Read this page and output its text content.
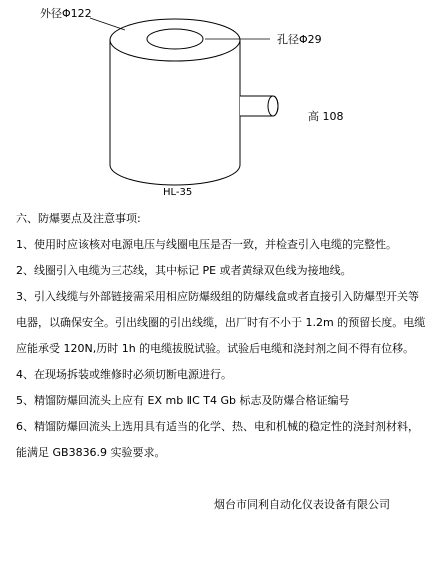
外径Φ122
孔径Φ29
高 108
HL-35

六、防爆要点及注意事项:

1、使用时应该核对电源电压与线圈电压是否一致，并检查引入电缆的完整性。

2、线圈引入电缆为三芯线，其中标记 PE 或者黄绿双色线为接地线。

3、引入线缆与外部链接需采用相应防爆级组的防爆线盒或者直接引入防爆型开关等电器，以确保安全。引出线圈的引出线缆，出厂时有不小于 1.2m 的预留长度。电缆应能承受 120N,历时 1h 的电缆拔脱试验。试验后电缆和浇封剂之间不得有位移。

4、在现场拆装或维修时必须切断电源进行。

5、精馏防爆回流头上应有 EX mb ⅡC T4 Gb 标志及防爆合格证编号

6、精馏防爆回流头上选用具有适当的化学、热、电和机械的稳定性的浇封剂材料，能满足 GB3836.9 实验要求。

烟台市同利自动化仪表设备有限公司
